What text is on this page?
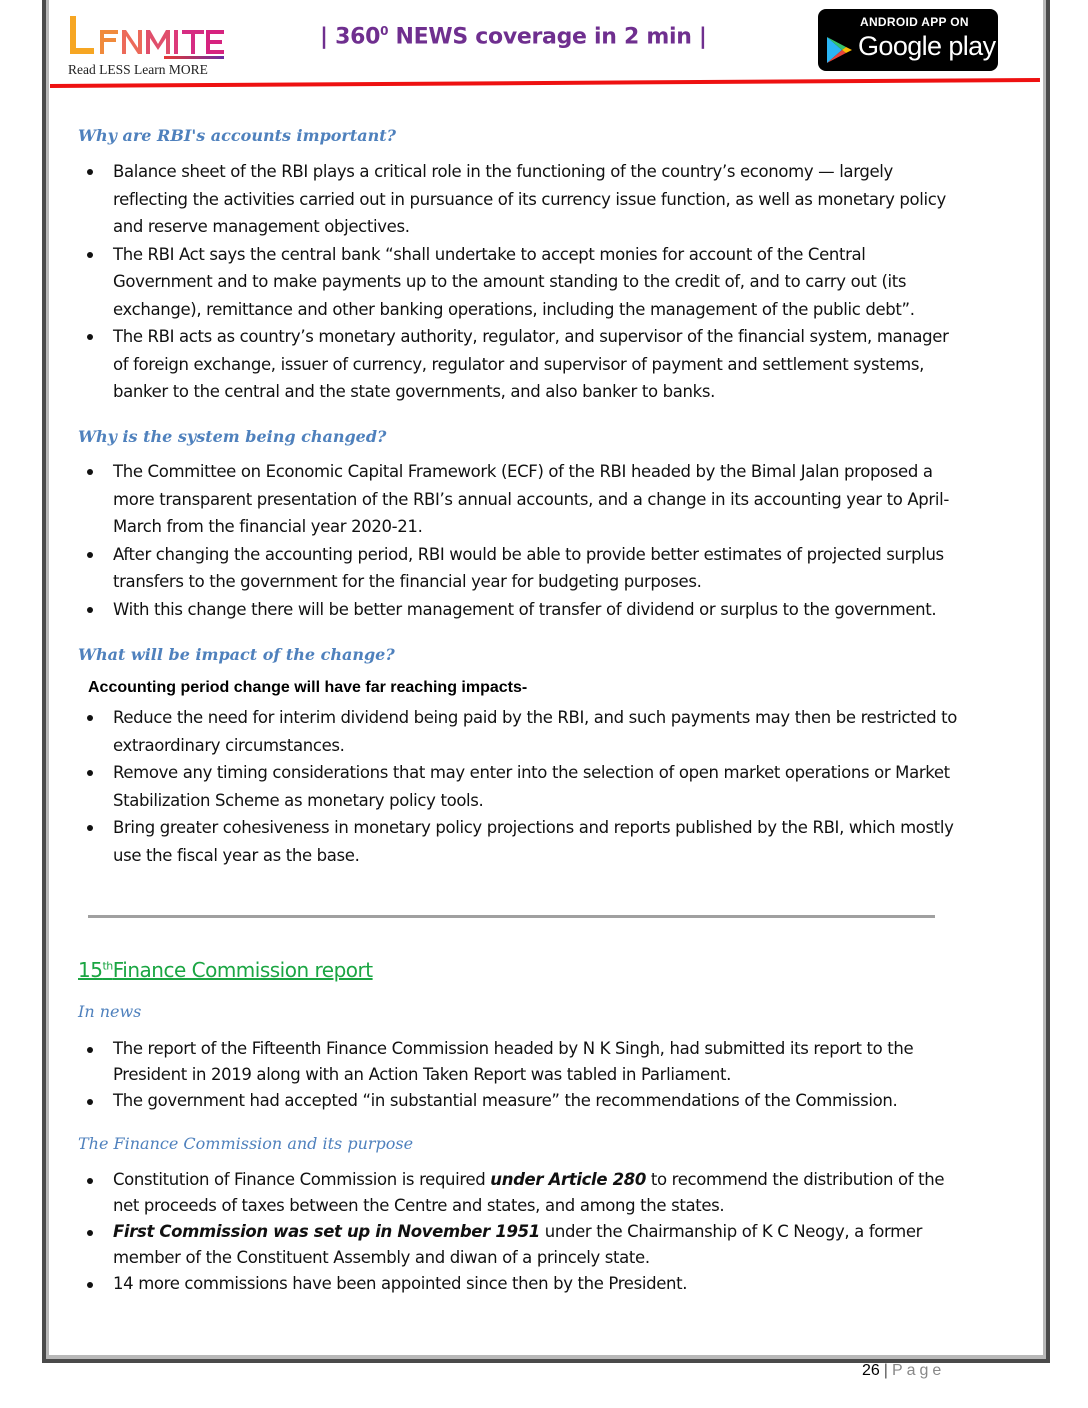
Read LESS Learn MORE
| $360^0$ NEWS coverage in 2 min |
ANDROID APP ON
Google play
Why are RBI's accounts important?
Balance sheet of the RBI plays a critical role in the functioning of the country’s economy — largely reflecting the activities carried out in pursuance of its currency issue function, as well as monetary policy and reserve management objectives.
The RBI Act says the central bank “shall undertake to accept monies for account of the Central Government and to make payments up to the amount standing to the credit of, and to carry out (its exchange), remittance and other banking operations, including the management of the public debt”.
The RBI acts as country’s monetary authority, regulator, and supervisor of the financial system, manager of foreign exchange, issuer of currency, regulator and supervisor of payment and settlement systems, banker to the central and the state governments, and also banker to banks.
Why is the system being changed?
The Committee on Economic Capital Framework (ECF) of the RBI headed by the Bimal Jalan proposed a more transparent presentation of the RBI’s annual accounts, and a change in its accounting year to April-March from the financial year 2020-21.
After changing the accounting period, RBI would be able to provide better estimates of projected surplus transfers to the government for the financial year for budgeting purposes.
With this change there will be better management of transfer of dividend or surplus to the government.
What will be impact of the change?
Accounting period change will have far reaching impacts-
Reduce the need for interim dividend being paid by the RBI, and such payments may then be restricted to extraordinary circumstances.
Remove any timing considerations that may enter into the selection of open market operations or Market Stabilization Scheme as monetary policy tools.
Bring greater cohesiveness in monetary policy projections and reports published by the RBI, which mostly use the fiscal year as the base.
15thFinance Commission report
In news
The report of the Fifteenth Finance Commission headed by N K Singh, had submitted its report to the President in 2019 along with an Action Taken Report was tabled in Parliament.
The government had accepted “in substantial measure” the recommendations of the Commission.
The Finance Commission and its purpose
Constitution of Finance Commission is required under Article 280 to recommend the distribution of the net proceeds of taxes between the Centre and states, and among the states.
First Commission was set up in November 1951 under the Chairmanship of K C Neogy, a former member of the Constituent Assembly and diwan of a princely state.
14 more commissions have been appointed since then by the President.
26 | Page
